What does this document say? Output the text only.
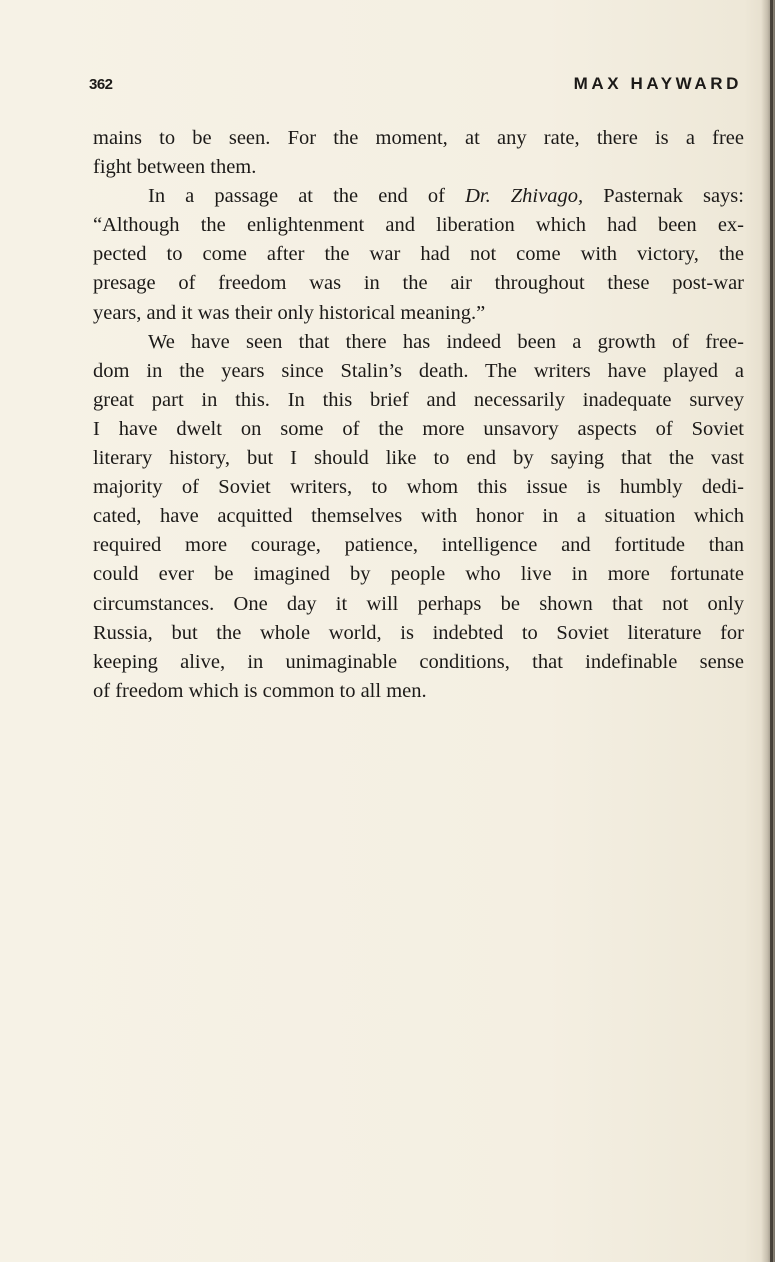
362	MAX HAYWARD
mains to be seen. For the moment, at any rate, there is a free
fight between them.
In a passage at the end of Dr. Zhivago, Pasternak says:
“Although the enlightenment and liberation which had been ex-
pected to come after the war had not come with victory, the
presage of freedom was in the air throughout these post-war
years, and it was their only historical meaning.”
We have seen that there has indeed been a growth of free-
dom in the years since Stalin’s death. The writers have played a
great part in this. In this brief and necessarily inadequate survey
I have dwelt on some of the more unsavory aspects of Soviet
literary history, but I should like to end by saying that the vast
majority of Soviet writers, to whom this issue is humbly dedi-
cated, have acquitted themselves with honor in a situation which
required more courage, patience, intelligence and fortitude than
could ever be imagined by people who live in more fortunate
circumstances. One day it will perhaps be shown that not only
Russia, but the whole world, is indebted to Soviet literature for
keeping alive, in unimaginable conditions, that indefinable sense
of freedom which is common to all men.
